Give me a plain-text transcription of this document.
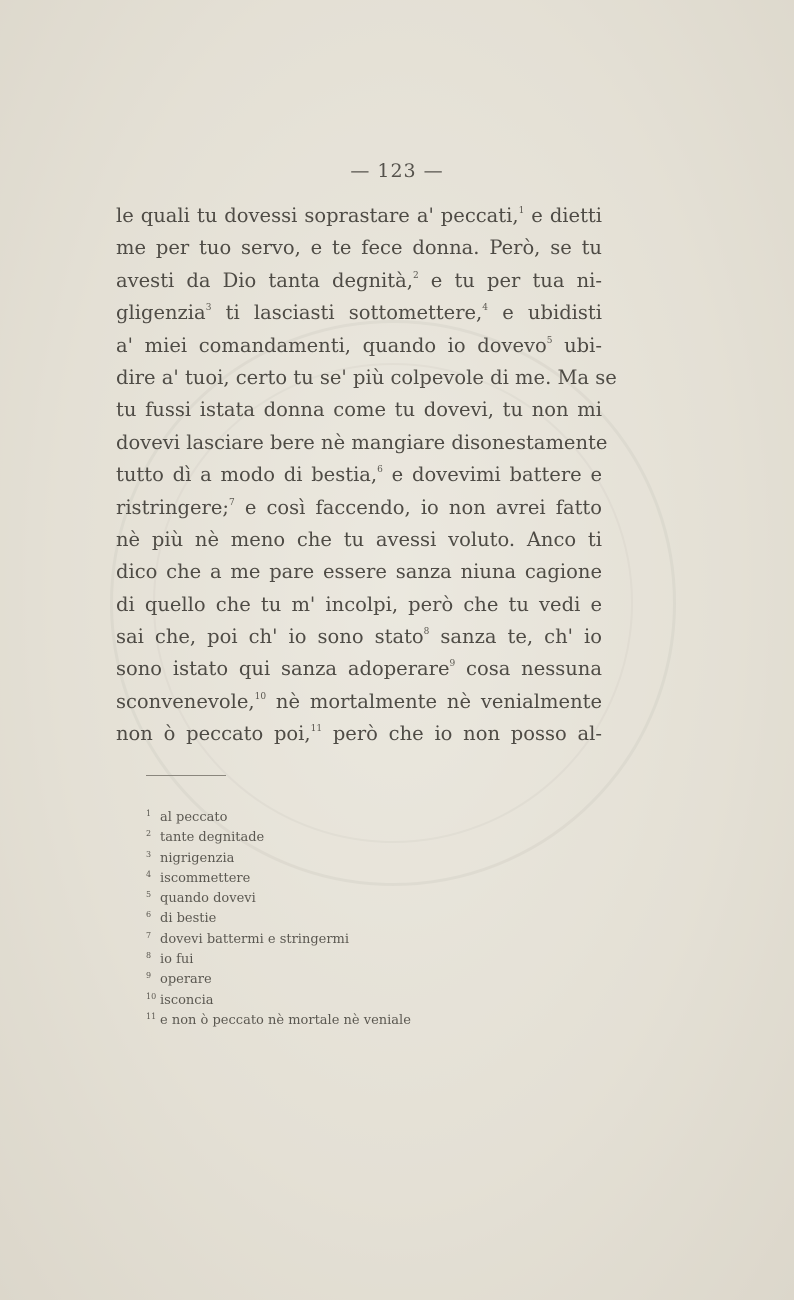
— 123 —
le quali tu dovessi soprastare a' peccati,$^1$ e dietti
me per tuo servo, e te fece donna. Però, se tu
avesti da Dio tanta degnità,$^2$ e tu per tua ni-
gligenzia$^3$ ti lasciasti sottomettere,$^4$ e ubidisti
a' miei comandamenti, quando io dovevo$^5$ ubi-
dire a' tuoi, certo tu se' più colpevole di me. Ma se
tu fussi istata donna come tu dovevi, tu non mi
dovevi lasciare bere nè mangiare disonestamente
tutto dì a modo di bestia,$^6$ e dovevimi battere e
ristringere;$^7$ e così faccendo, io non avrei fatto
nè più nè meno che tu avessi voluto. Anco ti
dico che a me pare essere sanza niuna cagione
di quello che tu m' incolpi, però che tu vedi e
sai che, poi ch' io sono stato$^8$ sanza te, ch' io
sono istato qui sanza adoperare$^9$ cosa nessuna
sconvenevole,$^{10}$ nè mortalmente nè venialmente
non ò peccato poi,$^{11}$ però che io non posso al-
1 al peccato
2 tante degnitade
3 nigrigenzia
4 iscommettere
5 quando dovevi
6 di bestie
7 dovevi battermi e stringermi
8 io fui
9 operare
10 isconcia
11 e non ò peccato nè mortale nè veniale
